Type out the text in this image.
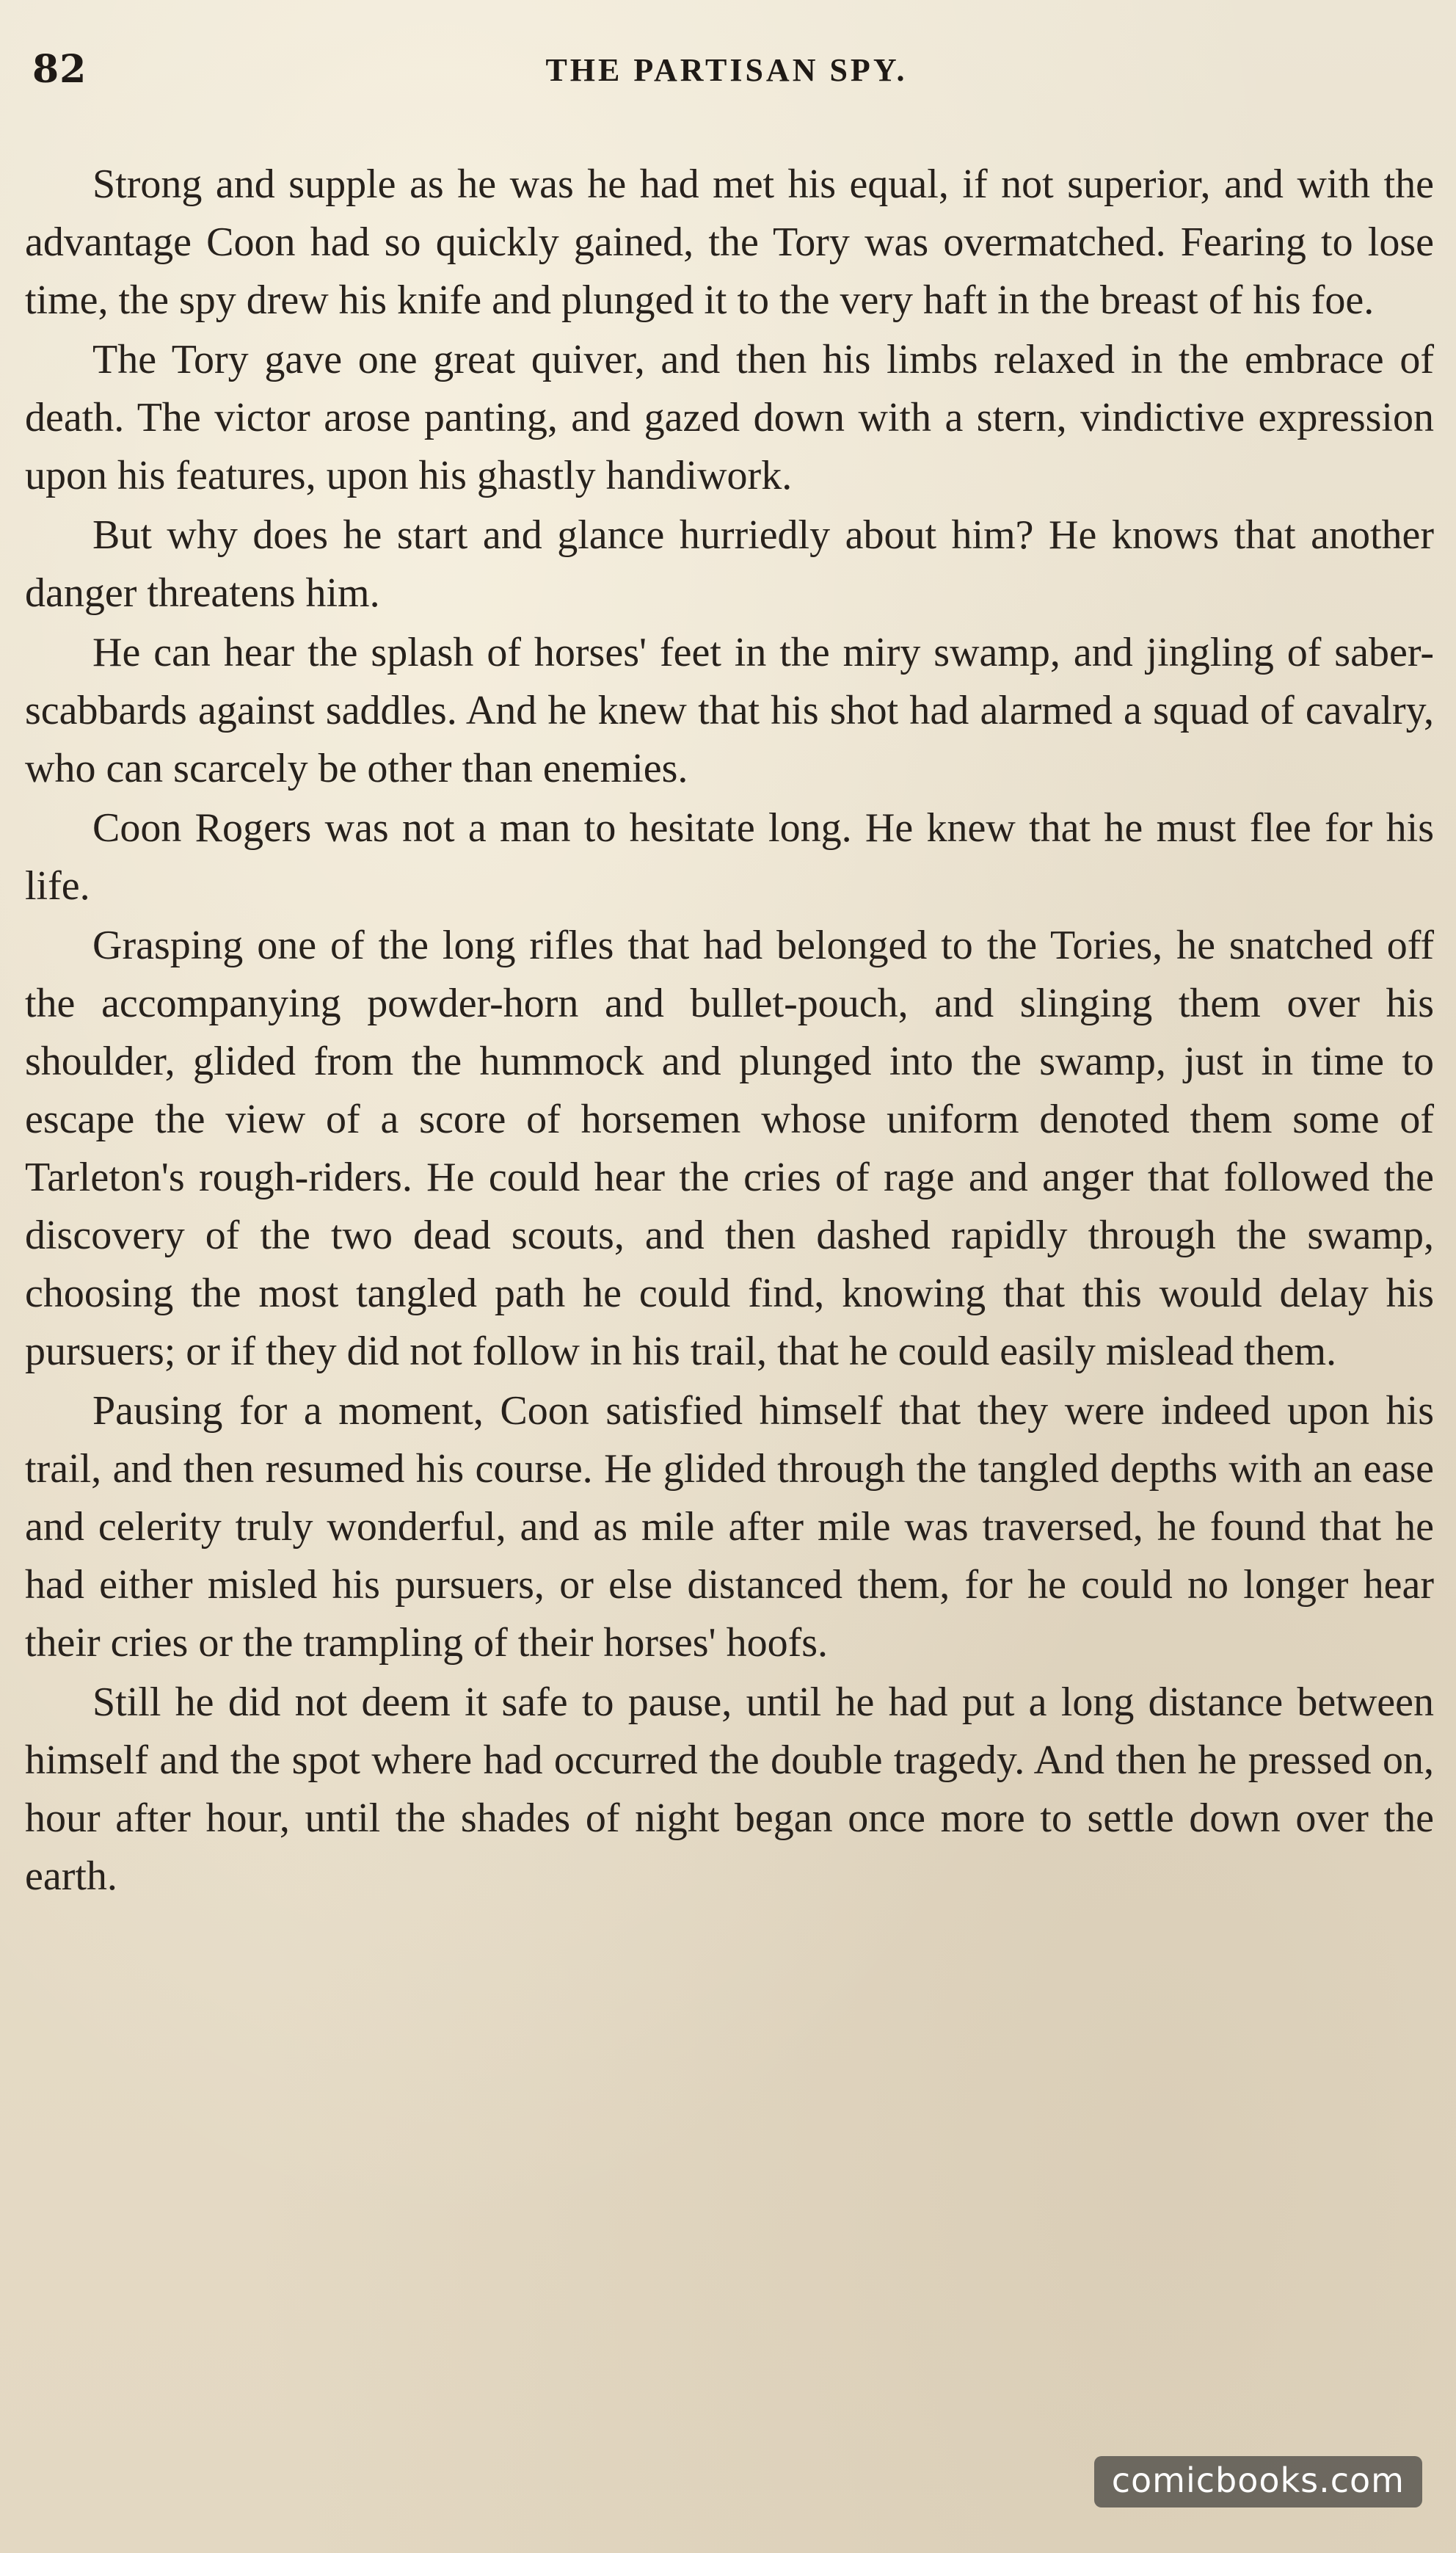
82	THE PARTISAN SPY.

Strong and supple as he was he had met his equal, if not superior, and with the advantage Coon had so quickly gained, the Tory was overmatched. Fearing to lose time, the spy drew his knife and plunged it to the very haft in the breast of his foe.

The Tory gave one great quiver, and then his limbs relaxed in the embrace of death. The victor arose panting, and gazed down with a stern, vindictive expression upon his features, upon his ghastly handiwork.

But why does he start and glance hurriedly about him? He knows that another danger threatens him.

He can hear the splash of horses' feet in the miry swamp, and jingling of saber-scabbards against saddles. And he knew that his shot had alarmed a squad of cavalry, who can scarcely be other than enemies.

Coon Rogers was not a man to hesitate long. He knew that he must flee for his life.

Grasping one of the long rifles that had belonged to the Tories, he snatched off the accompanying powder-horn and bullet-pouch, and slinging them over his shoulder, glided from the hummock and plunged into the swamp, just in time to escape the view of a score of horsemen whose uniform denoted them some of Tarleton's rough-riders. He could hear the cries of rage and anger that followed the discovery of the two dead scouts, and then dashed rapidly through the swamp, choosing the most tangled path he could find, knowing that this would delay his pursuers; or if they did not follow in his trail, that he could easily mislead them.

Pausing for a moment, Coon satisfied himself that they were indeed upon his trail, and then resumed his course. He glided through the tangled depths with an ease and celerity truly wonderful, and as mile after mile was traversed, he found that he had either misled his pursuers, or else distanced them, for he could no longer hear their cries or the trampling of their horses' hoofs.

Still he did not deem it safe to pause, until he had put a long distance between himself and the spot where had occurred the double tragedy. And then he pressed on, hour after hour, until the shades of night began once more to settle down over the earth.

comicbooks.com
